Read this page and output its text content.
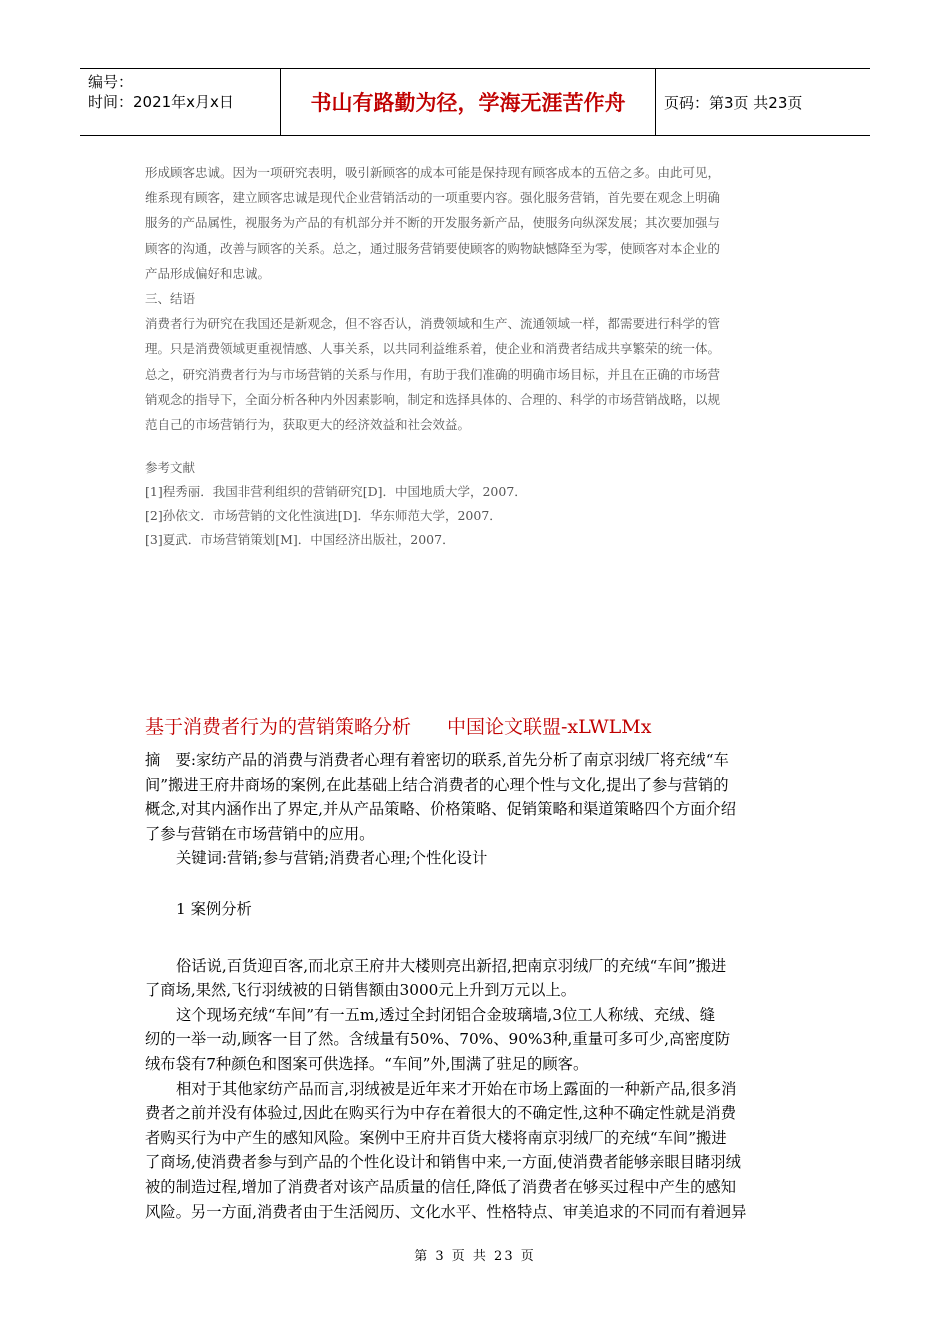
编号：
时间：2021年x月x日	书山有路勤为径，学海无涯苦作舟	页码：第3页 共23页

形成顾客忠诚。因为一项研究表明，吸引新顾客的成本可能是保持现有顾客成本的五倍之多。由此可见，

维系现有顾客，建立顾客忠诚是现代企业营销活动的一项重要内容。强化服务营销，首先要在观念上明确

服务的产品属性，视服务为产品的有机部分并不断的开发服务新产品，使服务向纵深发展；其次要加强与

顾客的沟通，改善与顾客的关系。总之，通过服务营销要使顾客的购物缺憾降至为零，使顾客对本企业的

产品形成偏好和忠诚。

三、结语

消费者行为研究在我国还是新观念，但不容否认，消费领域和生产、流通领域一样，都需要进行科学的管

理。只是消费领域更重视情感、人事关系，以共同利益维系着，使企业和消费者结成共享繁荣的统一体。

总之，研究消费者行为与市场营销的关系与作用，有助于我们准确的明确市场目标，并且在正确的市场营

销观念的指导下，全面分析各种内外因素影响，制定和选择具体的、合理的、科学的市场营销战略，以规

范自己的市场营销行为，获取更大的经济效益和社会效益。

参考文献

[1]程秀丽．我国非营利组织的营销研究[D]．中国地质大学，2007．

[2]孙依文．市场营销的文化性演进[D]．华东师范大学，2007．

[3]夏武．市场营销策划[M]．中国经济出版社，2007．

基于消费者行为的营销策略分析 中国论文联盟-xLWLMx

摘　要:家纺产品的消费与消费者心理有着密切的联系,首先分析了南京羽绒厂将充绒“车

间”搬进王府井商场的案例,在此基础上结合消费者的心理个性与文化,提出了参与营销的

概念,对其内涵作出了界定,并从产品策略、价格策略、促销策略和渠道策略四个方面介绍

了参与营销在市场营销中的应用。

关键词:营销;参与营销;消费者心理;个性化设计

1 案例分析

俗话说,百货迎百客,而北京王府井大楼则亮出新招,把南京羽绒厂的充绒“车间”搬进

了商场,果然,飞行羽绒被的日销售额由3000元上升到万元以上。

这个现场充绒“车间”有一五m,透过全封闭铝合金玻璃墙,3位工人称绒、充绒、缝

纫的一举一动,顾客一目了然。含绒量有50%、70%、90%3种,重量可多可少,高密度防

绒布袋有7种颜色和图案可供选择。“车间”外,围满了驻足的顾客。

相对于其他家纺产品而言,羽绒被是近年来才开始在市场上露面的一种新产品,很多消

费者之前并没有体验过,因此在购买行为中存在着很大的不确定性,这种不确定性就是消费

者购买行为中产生的感知风险。案例中王府井百货大楼将南京羽绒厂的充绒“车间”搬进

了商场,使消费者参与到产品的个性化设计和销售中来,一方面,使消费者能够亲眼目睹羽绒

被的制造过程,增加了消费者对该产品质量的信任,降低了消费者在够买过程中产生的感知

风险。另一方面,消费者由于生活阅历、文化水平、性格特点、审美追求的不同而有着迥异

第 3 页 共 23 页
